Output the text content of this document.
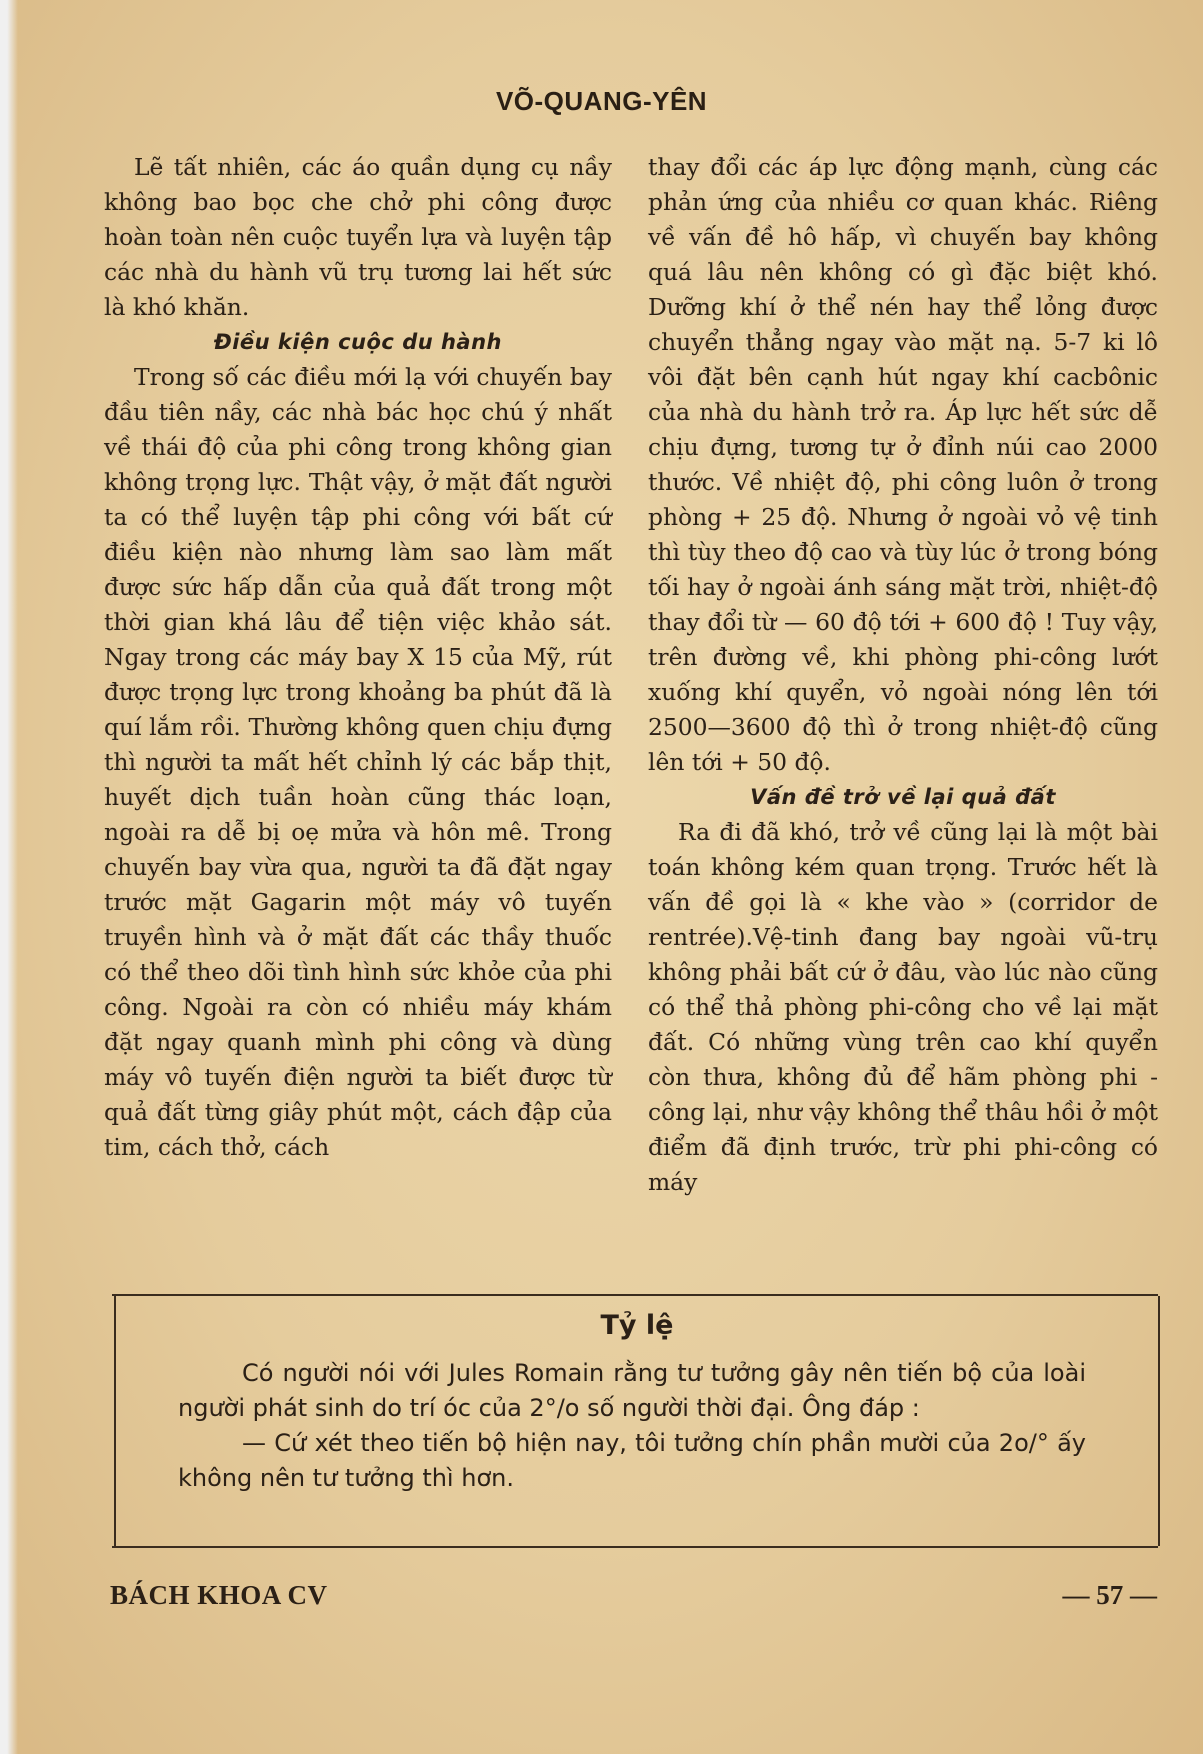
VÕ-QUANG-YÊN

Lẽ tất nhiên, các áo quần dụng cụ nầy không bao bọc che chở phi công được hoàn toàn nên cuộc tuyển lựa và luyện tập các nhà du hành vũ trụ tương lai hết sức là khó khăn.

Điều kiện cuộc du hành

Trong số các điều mới lạ với chuyến bay đầu tiên nầy, các nhà bác học chú ý nhất về thái độ của phi công trong không gian không trọng lực. Thật vậy, ở mặt đất người ta có thể luyện tập phi công với bất cứ điều kiện nào nhưng làm sao làm mất được sức hấp dẫn của quả đất trong một thời gian khá lâu để tiện việc khảo sát. Ngay trong các máy bay X 15 của Mỹ, rút được trọng lực trong khoảng ba phút đã là quí lắm rồi. Thường không quen chịu đựng thì người ta mất hết chỉnh lý các bắp thịt, huyết dịch tuần hoàn cũng thác loạn, ngoài ra dễ bị oẹ mửa và hôn mê. Trong chuyến bay vừa qua, người ta đã đặt ngay trước mặt Gagarin một máy vô tuyến truyền hình và ở mặt đất các thầy thuốc có thể theo dõi tình hình sức khỏe của phi công. Ngoài ra còn có nhiều máy khám đặt ngay quanh mình phi công và dùng máy vô tuyến điện người ta biết được từ quả đất từng giây phút một, cách đập của tim, cách thở, cách

thay đổi các áp lực động mạnh, cùng các phản ứng của nhiều cơ quan khác. Riêng về vấn đề hô hấp, vì chuyến bay không quá lâu nên không có gì đặc biệt khó. Dưỡng khí ở thể nén hay thể lỏng được chuyển thẳng ngay vào mặt nạ. 5-7 ki lô vôi đặt bên cạnh hút ngay khí cacbônic của nhà du hành trở ra. Áp lực hết sức dễ chịu đựng, tương tự ở đỉnh núi cao 2000 thước. Về nhiệt độ, phi công luôn ở trong phòng + 25 độ. Nhưng ở ngoài vỏ vệ tinh thì tùy theo độ cao và tùy lúc ở trong bóng tối hay ở ngoài ánh sáng mặt trời, nhiệt-độ thay đổi từ — 60 độ tới + 600 độ ! Tuy vậy, trên đường về, khi phòng phi-công lướt xuống khí quyển, vỏ ngoài nóng lên tới 2500—3600 độ thì ở trong nhiệt-độ cũng lên tới + 50 độ.

Vấn đề trở về lại quả đất

Ra đi đã khó, trở về cũng lại là một bài toán không kém quan trọng. Trước hết là vấn đề gọi là « khe vào » (corridor de rentrée).Vệ-tinh đang bay ngoài vũ-trụ không phải bất cứ ở đâu, vào lúc nào cũng có thể thả phòng phi-công cho về lại mặt đất. Có những vùng trên cao khí quyển còn thưa, không đủ để hãm phòng phi - công lại, như vậy không thể thâu hồi ở một điểm đã định trước, trừ phi phi-công có máy

Tỷ lệ

Có người nói với Jules Romain rằng tư tưởng gây nên tiến bộ của loài người phát sinh do trí óc của 2°/o số người thời đại. Ông đáp :

— Cứ xét theo tiến bộ hiện nay, tôi tưởng chín phần mười của 2o/° ấy không nên tư tưởng thì hơn.

BÁCH KHOA CV	— 57 —
